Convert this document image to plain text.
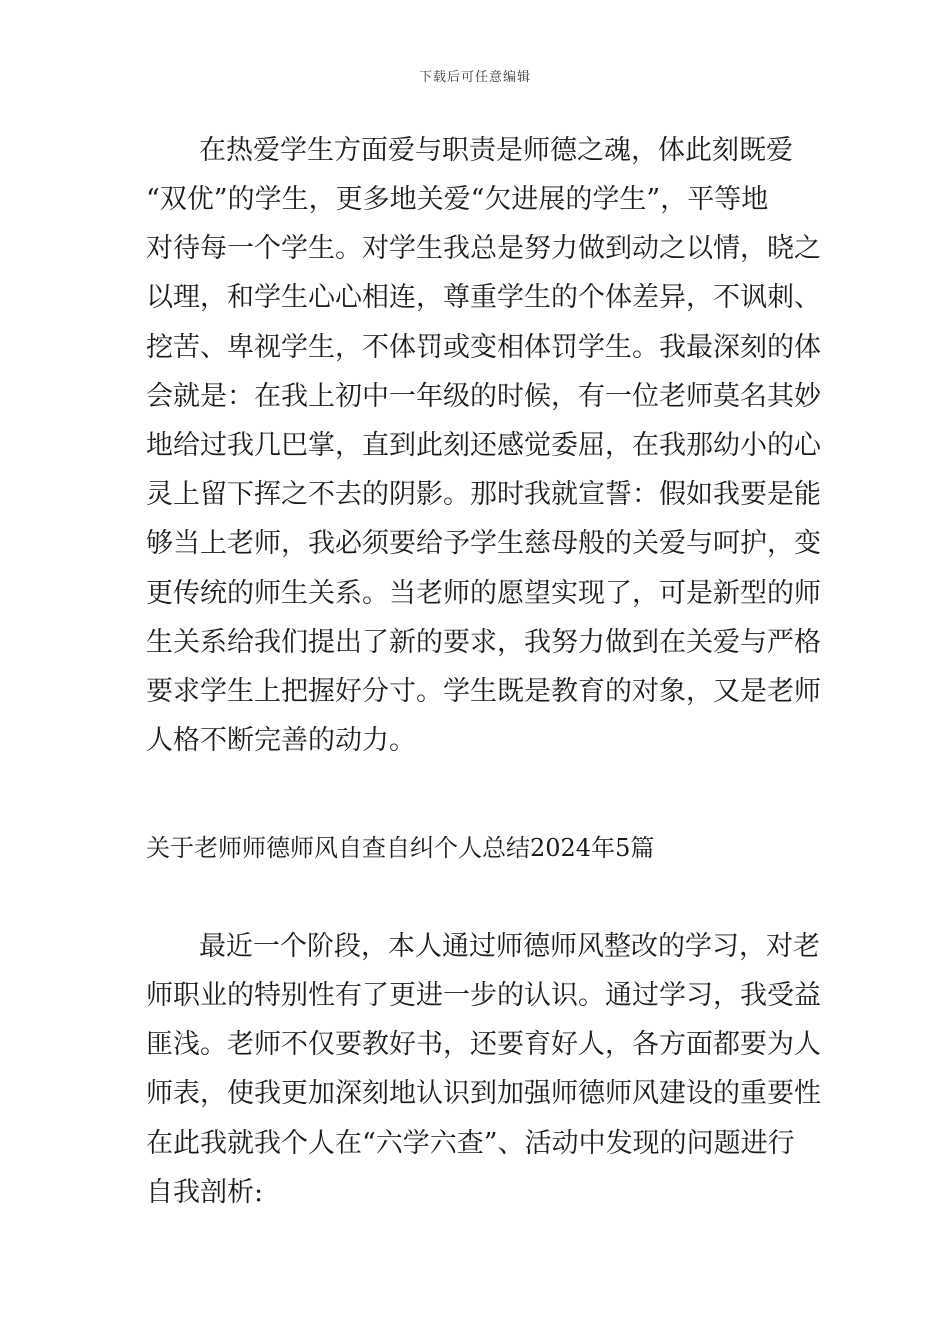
下载后可任意编辑
在热爱学生方面爱与职责是师德之魂，体此刻既爱
“双优”的学生，更多地关爱“欠进展的学生”，平等地
对待每一个学生。对学生我总是努力做到动之以情，晓之
以理，和学生心心相连，尊重学生的个体差异，不讽刺、
挖苦、卑视学生，不体罚或变相体罚学生。我最深刻的体
会就是：在我上初中一年级的时候，有一位老师莫名其妙
地给过我几巴掌，直到此刻还感觉委屈，在我那幼小的心
灵上留下挥之不去的阴影。那时我就宣誓：假如我要是能
够当上老师，我必须要给予学生慈母般的关爱与呵护，变
更传统的师生关系。当老师的愿望实现了，可是新型的师
生关系给我们提出了新的要求，我努力做到在关爱与严格
要求学生上把握好分寸。学生既是教育的对象，又是老师
人格不断完善的动力。
关于老师师德师风自查自纠个人总结2024年5篇
最近一个阶段，本人通过师德师风整改的学习，对老
师职业的特别性有了更进一步的认识。通过学习，我受益
匪浅。老师不仅要教好书，还要育好人，各方面都要为人
师表，使我更加深刻地认识到加强师德师风建设的重要性
在此我就我个人在“六学六查”、活动中发现的问题进行
自我剖析:
